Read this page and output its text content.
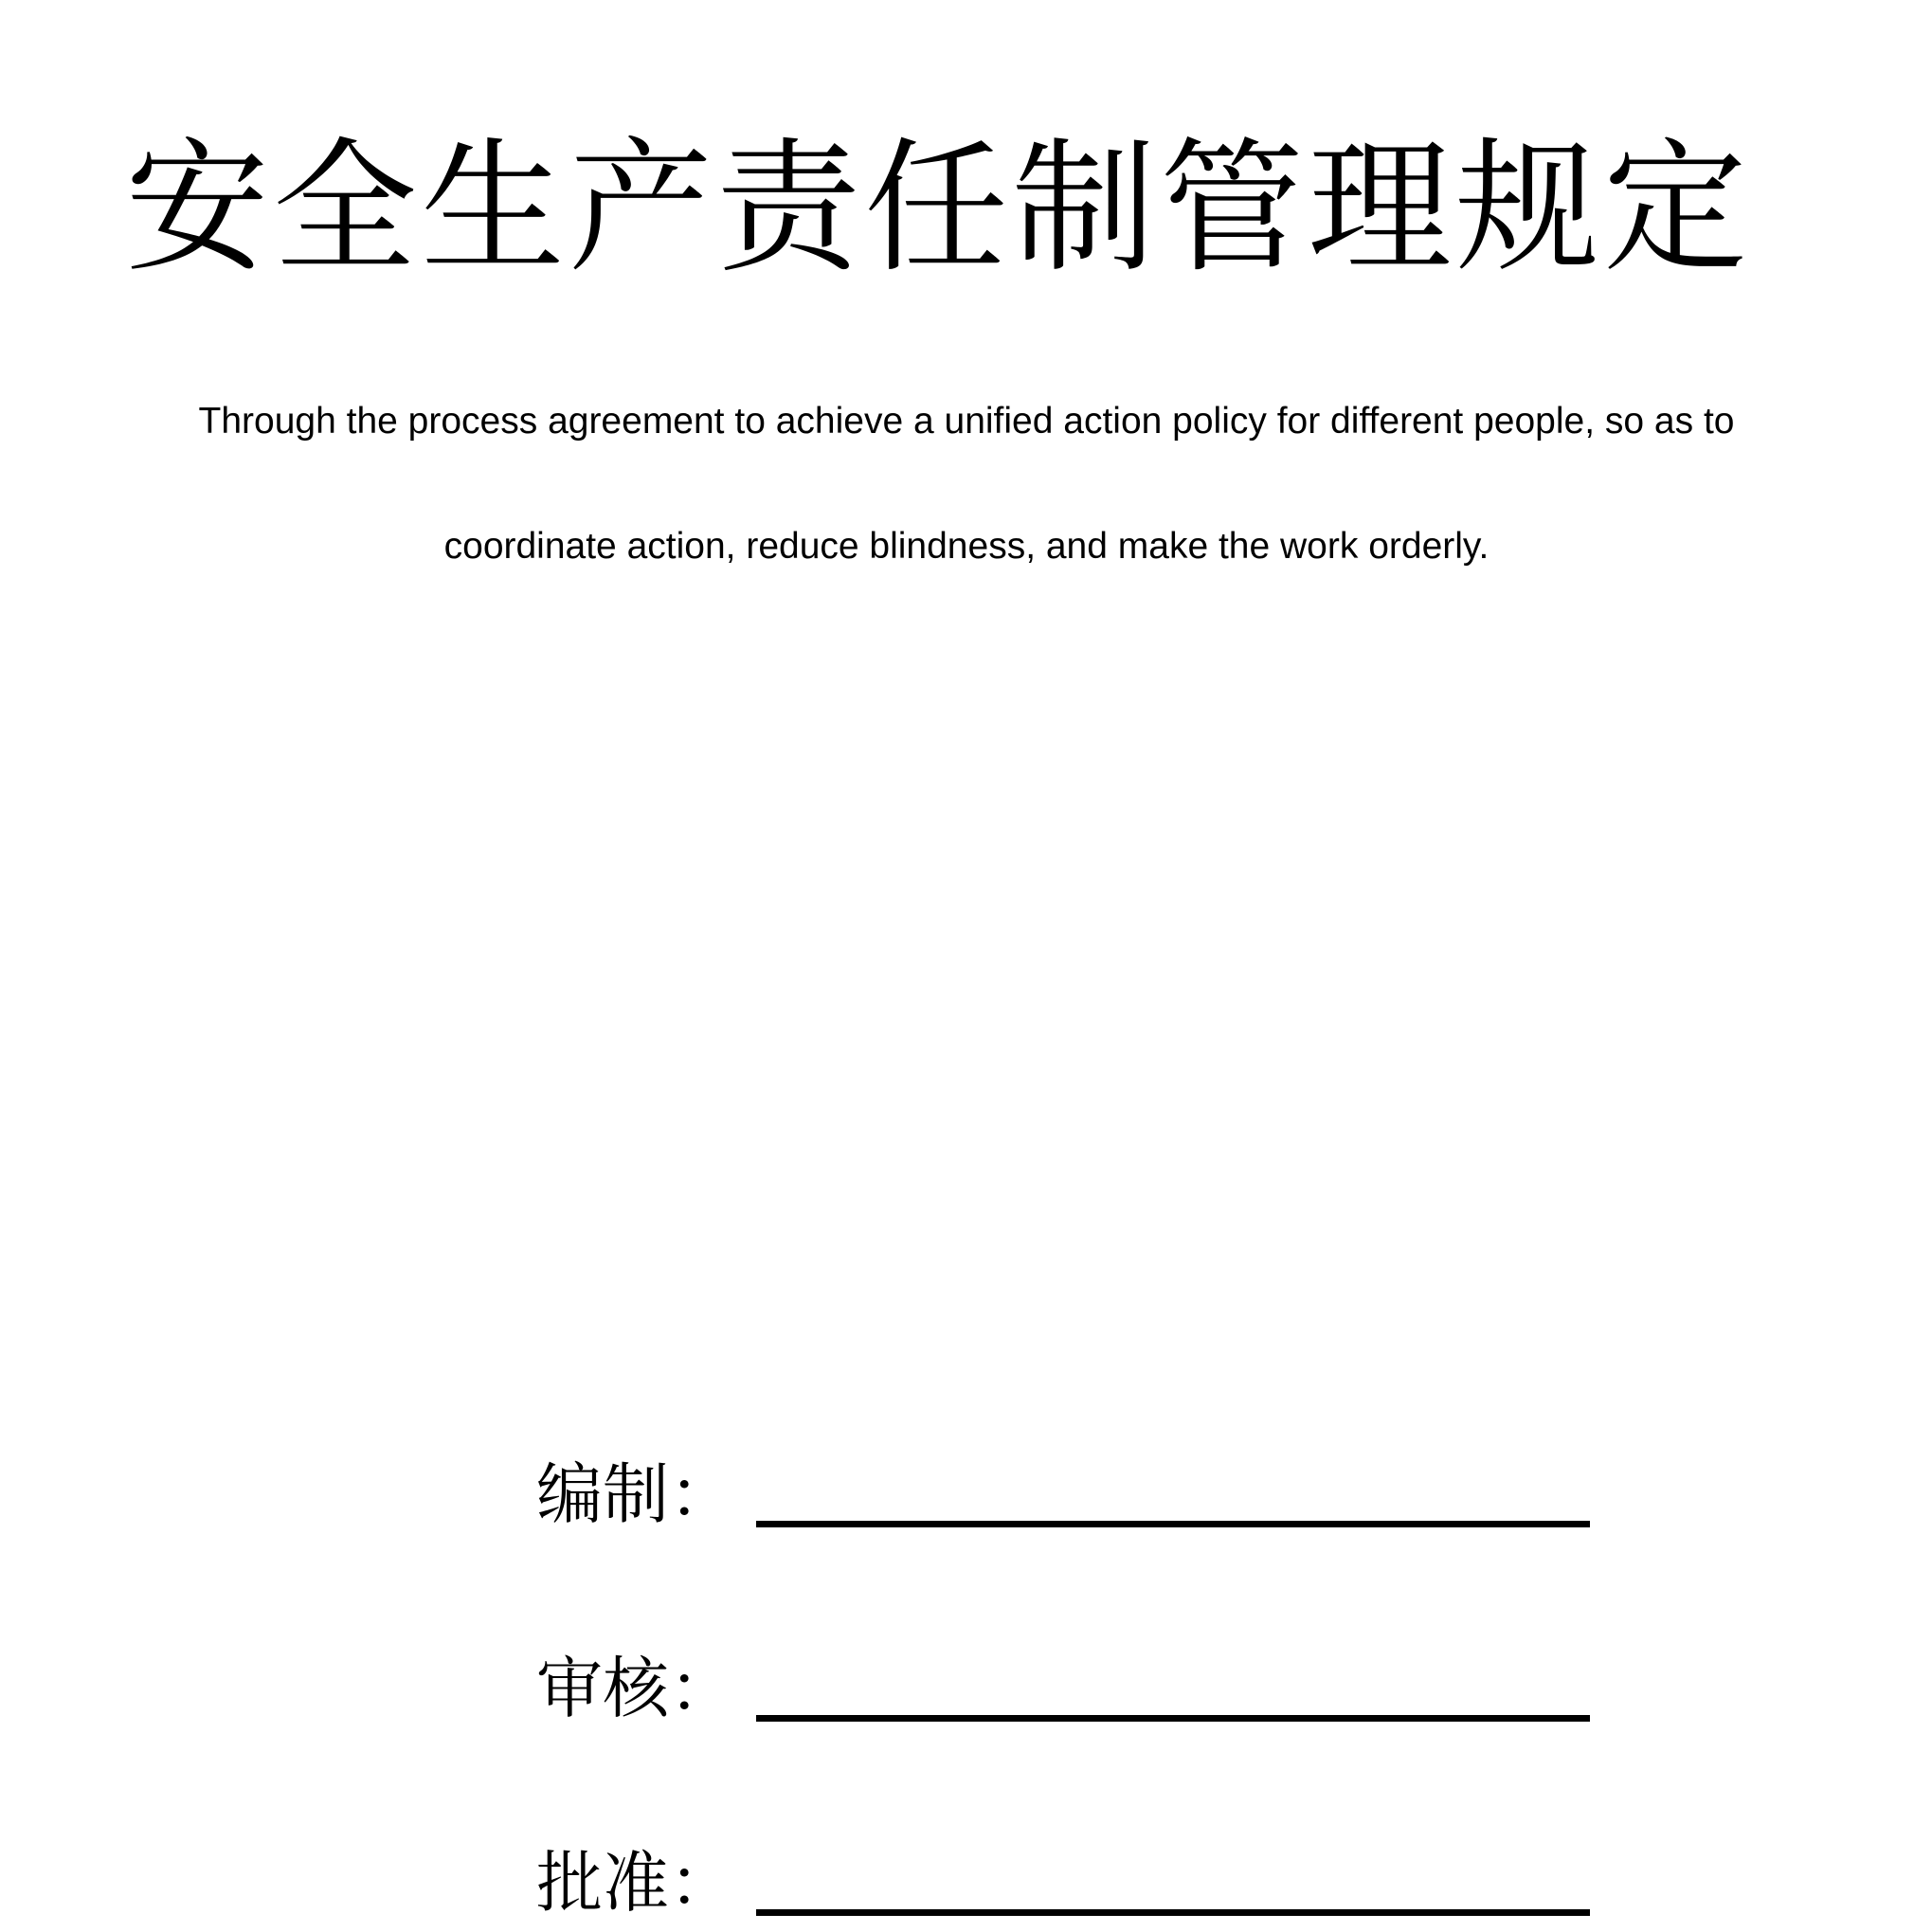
安全生产责任制管理规定

Through the process agreement to achieve a unified action policy for different people, so as to

coordinate action, reduce blindness, and make the work orderly.

编制：
审核：
批准：
